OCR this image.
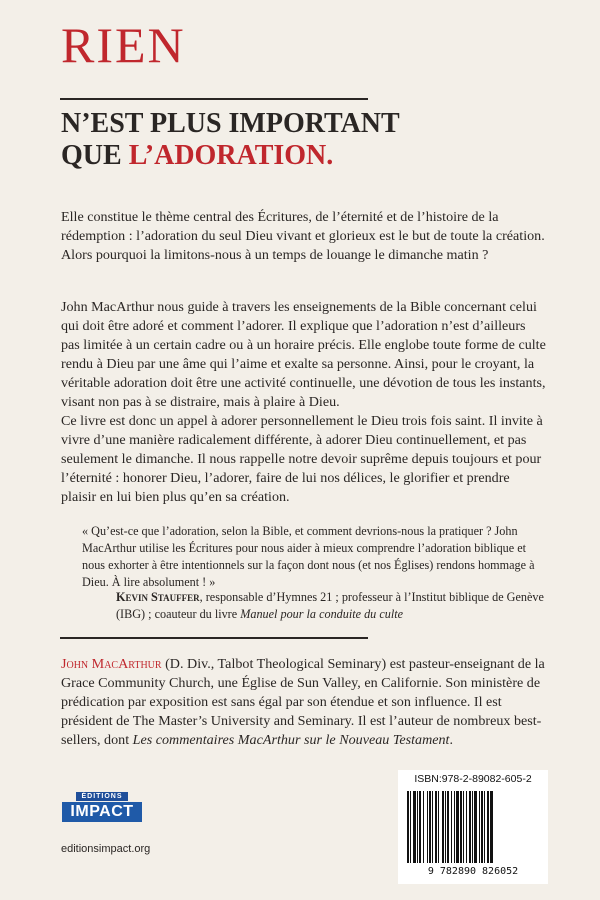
RIEN
N’EST PLUS IMPORTANT
QUE L’ADORATION.

Elle constitue le thème central des Écritures, de l’éternité et de l’histoire de la rédemption : l’adoration du seul Dieu vivant et glorieux est le but de toute la création. Alors pourquoi la limitons-nous à un temps de louange le dimanche matin ?

John MacArthur nous guide à travers les enseignements de la Bible concernant celui qui doit être adoré et comment l’adorer. Il explique que l’adoration n’est d’ailleurs pas limitée à un certain cadre ou à un horaire précis. Elle englobe toute forme de culte rendu à Dieu par une âme qui l’aime et exalte sa personne. Ainsi, pour le croyant, la véritable adoration doit être une activité continuelle, une dévotion de tous les instants, visant non pas à se distraire, mais à plaire à Dieu.

Ce livre est donc un appel à adorer personnellement le Dieu trois fois saint. Il invite à vivre d’une manière radicalement différente, à adorer Dieu continuellement, et pas seulement le dimanche. Il nous rappelle notre devoir suprême depuis toujours et pour l’éternité : honorer Dieu, l’adorer, faire de lui nos délices, le glorifier et prendre plaisir en lui bien plus qu’en sa création.

« Qu’est-ce que l’adoration, selon la Bible, et comment devrions-nous la pratiquer ? John MacArthur utilise les Écritures pour nous aider à mieux comprendre l’adoration biblique et nous exhorter à être intentionnels sur la façon dont nous (et nos Églises) rendons hommage à Dieu. À lire absolument ! »

Kevin Stauffer, responsable d’Hymnes 21 ; professeur à l’Institut biblique de Genève (IBG) ; coauteur du livre Manuel pour la conduite du culte

John MacArthur (D. Div., Talbot Theological Seminary) est pasteur-enseignant de la Grace Community Church, une Église de Sun Valley, en Californie. Son ministère de prédication par exposition est sans égal par son étendue et son influence. Il est président de The Master’s University and Seminary. Il est l’auteur de nombreux best-sellers, dont Les commentaires MacArthur sur le Nouveau Testament.

ÉDITIONS
IMPACT
editionsimpact.org
ISBN:978-2-89082-605-2
9 782890 826052
